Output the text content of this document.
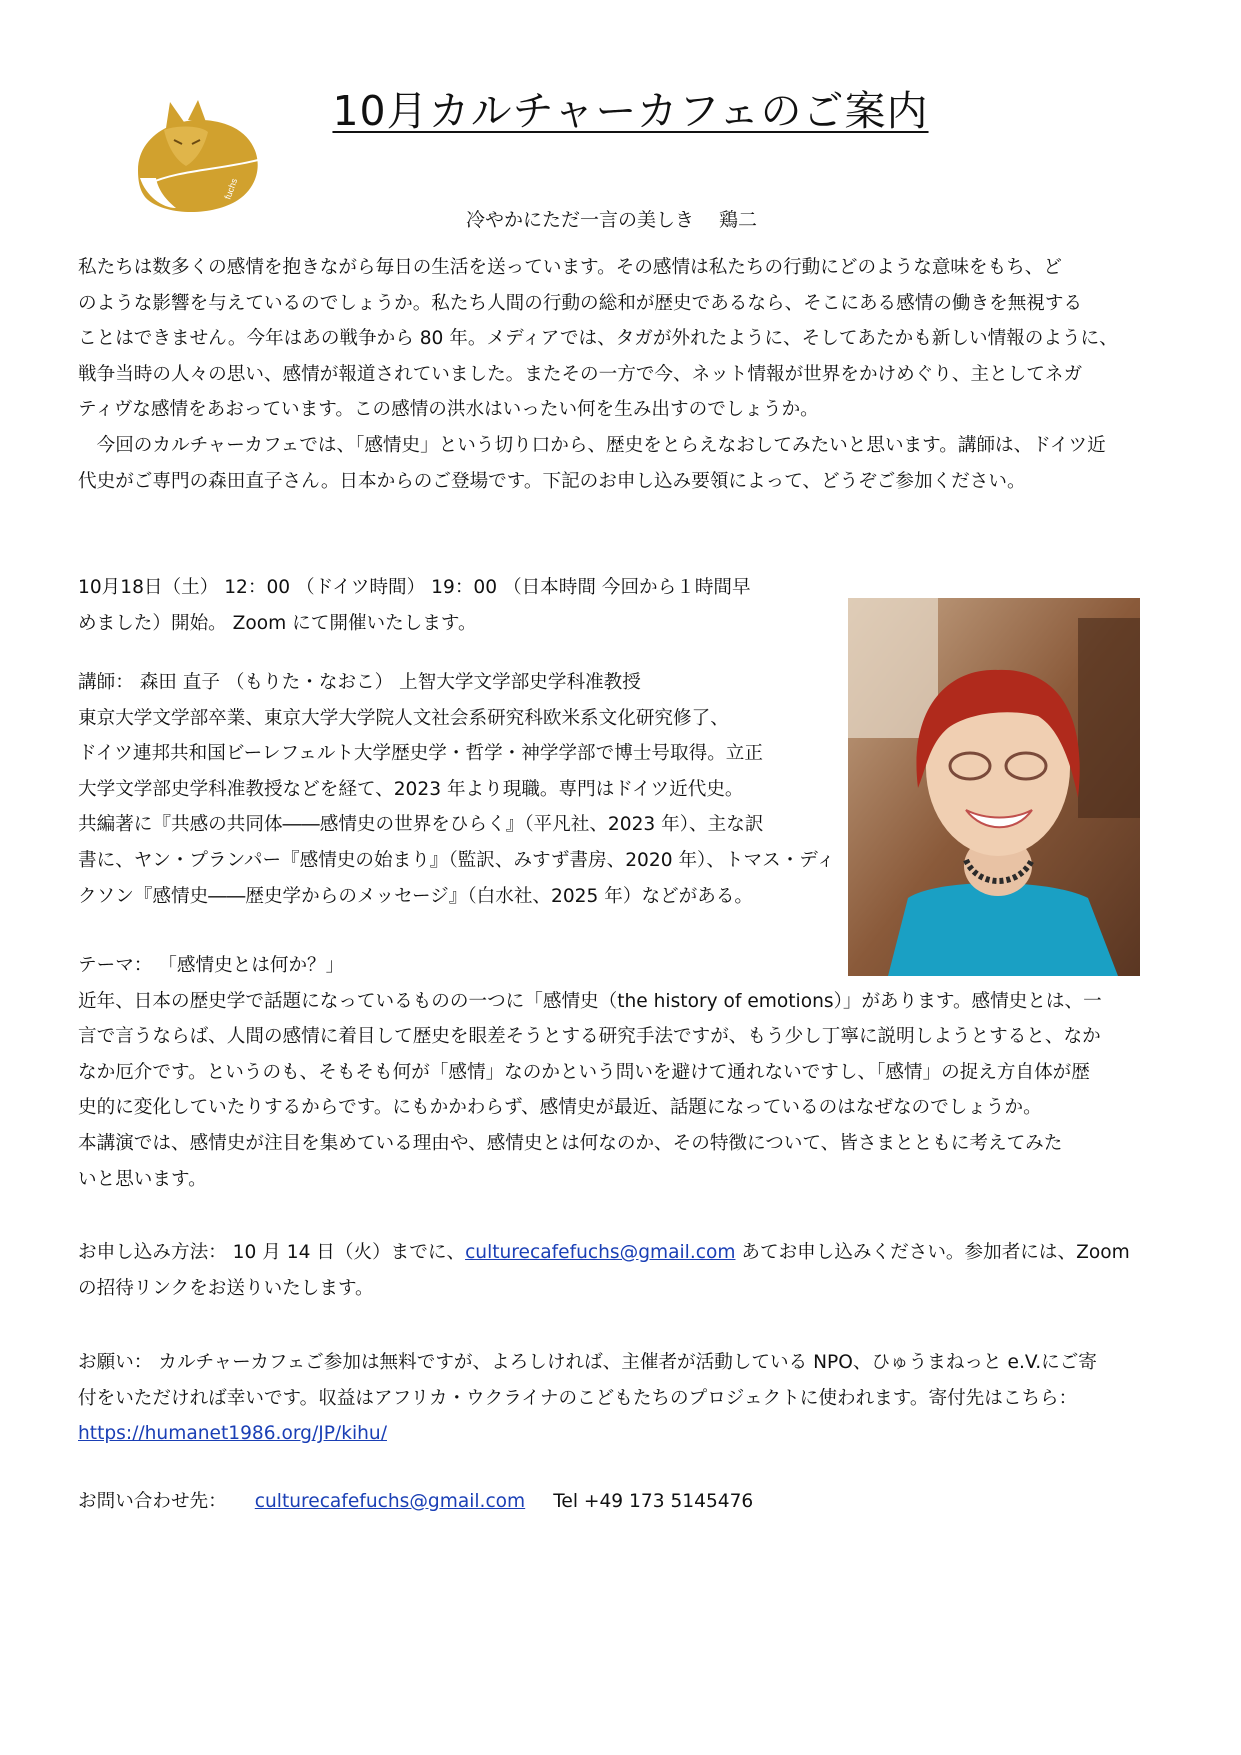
fuchs
10月カルチャーカフェのご案内
冷やかにただ一言の美しき　 鶏二
私たちは数多くの感情を抱きながら毎日の生活を送っています。その感情は私たちの行動にどのような意味をもち、ど
のような影響を与えているのでしょうか。私たち人間の行動の総和が歴史であるなら、そこにある感情の働きを無視する
ことはできません。今年はあの戦争から 80 年。メディアでは、タガが外れたように、そしてあたかも新しい情報のように、
戦争当時の人々の思い、感情が報道されていました。またその一方で今、ネット情報が世界をかけめぐり、主としてネガ
ティヴな感情をあおっています。この感情の洪水はいったい何を生み出すのでしょうか。
　今回のカルチャーカフェでは、「感情史」という切り口から、歴史をとらえなおしてみたいと思います。講師は、ドイツ近
代史がご専門の森田直子さん。日本からのご登場です。下記のお申し込み要領によって、どうぞご参加ください。
10月18日（土） 12：00 （ドイツ時間） 19：00 （日本時間 今回から１時間早
めました）開始。 Zoom にて開催いたします。
講師： 森田 直子 （もりた・なおこ） 上智大学文学部史学科准教授
東京大学文学部卒業、東京大学大学院人文社会系研究科欧米系文化研究修了、
ドイツ連邦共和国ビーレフェルト大学歴史学・哲学・神学学部で博士号取得。立正
大学文学部史学科准教授などを経て、2023 年より現職。専門はドイツ近代史。
共編著に『共感の共同体――感情史の世界をひらく』（平凡社、2023 年）、主な訳
書に、ヤン・プランパー『感情史の始まり』（監訳、みすず書房、2020 年）、トマス・ディ
クソン『感情史――歴史学からのメッセージ』（白水社、2025 年）などがある。
テーマ： 「感情史とは何か？」
近年、日本の歴史学で話題になっているものの一つに「感情史（the history of emotions）」があります。感情史とは、一
言で言うならば、人間の感情に着目して歴史を眼差そうとする研究手法ですが、もう少し丁寧に説明しようとすると、なか
なか厄介です。というのも、そもそも何が「感情」なのかという問いを避けて通れないですし、「感情」の捉え方自体が歴
史的に変化していたりするからです。にもかかわらず、感情史が最近、話題になっているのはなぜなのでしょうか。
本講演では、感情史が注目を集めている理由や、感情史とは何なのか、その特徴について、皆さまとともに考えてみた
いと思います。
お申し込み方法： 10 月 14 日（火）までに、culturecafefuchs@gmail.com あてお申し込みください。参加者には、Zoom
の招待リンクをお送りいたします。
お願い： カルチャーカフェご参加は無料ですが、よろしければ、主催者が活動している NPO、ひゅうまねっと e.V.にご寄
付をいただければ幸いです。収益はアフリカ・ウクライナのこどもたちのプロジェクトに使われます。寄付先はこちら：
https://humanet1986.org/JP/kihu/
お問い合わせ先： culturecafefuchs@gmail.com Tel +49 173 5145476
